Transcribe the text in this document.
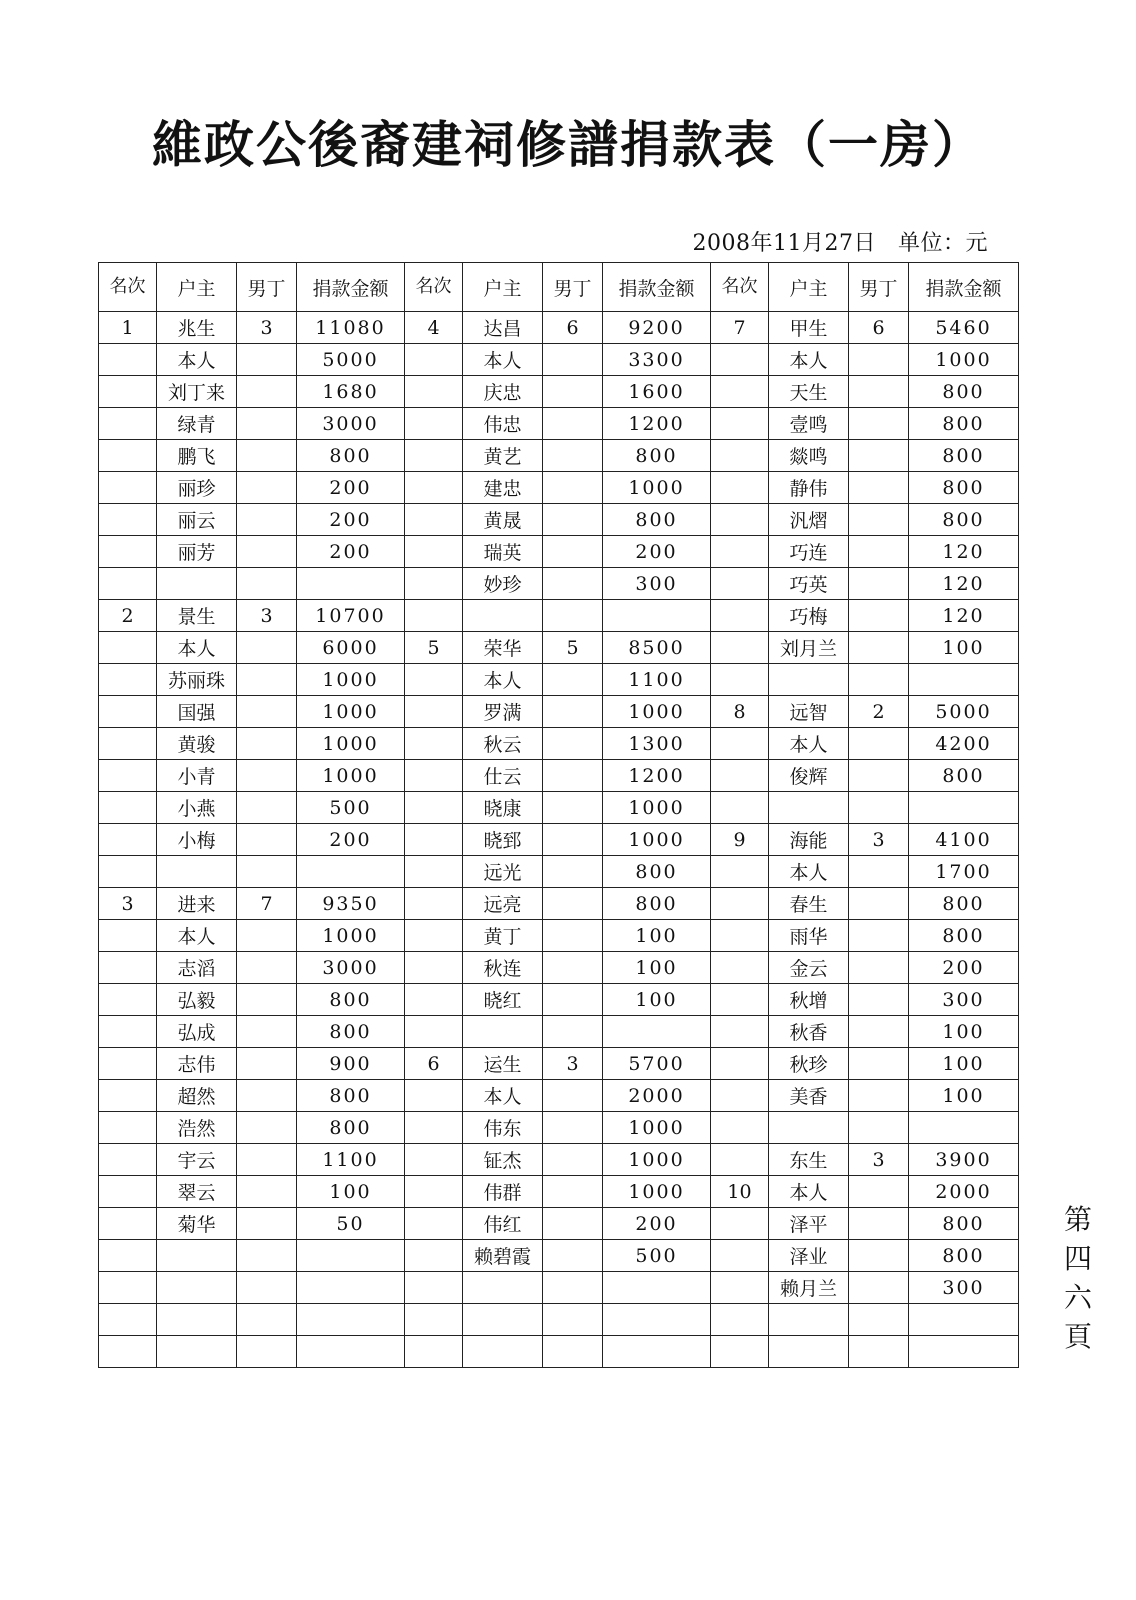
維政公後裔建祠修譜捐款表（一房）
2008年11月27日 单位：元
名次	户主	男丁	捐款金额	名次	户主	男丁	捐款金额	名次	户主	男丁	捐款金额
1	兆生	3	11080	4	达昌	6	9200	7	甲生	6	5460
	本人		5000		本人		3300		本人		1000
	刘丁来		1680		庆忠		1600		天生		800
	绿青		3000		伟忠		1200		壹鸣		800
	鹏飞		800		黄艺		800		燚鸣		800
	丽珍		200		建忠		1000		静伟		800
	丽云		200		黄晟		800		汎熠		800
	丽芳		200		瑞英		200		巧连		120
					妙珍		300		巧英		120
2	景生	3	10700						巧梅		120
	本人		6000	5	荣华	5	8500		刘月兰		100
	苏丽珠		1000		本人		1100				
	国强		1000		罗满		1000	8	远智	2	5000
	黄骏		1000		秋云		1300		本人		4200
	小青		1000		仕云		1200		俊辉		800
	小燕		500		晓康		1000				
	小梅		200		晓郅		1000	9	海能	3	4100
					远光		800		本人		1700
3	进来	7	9350		远亮		800		春生		800
	本人		1000		黄丁		100		雨华		800
	志滔		3000		秋连		100		金云		200
	弘毅		800		晓红		100		秋增		300
	弘成		800						秋香		100
	志伟		900	6	运生	3	5700		秋珍		100
	超然		800		本人		2000		美香		100
	浩然		800		伟东		1000				
	宇云		1100		钲杰		1000		东生	3	3900
	翠云		100		伟群		1000	10	本人		2000
	菊华		50		伟红		200		泽平		800
					赖碧霞		500		泽业		800
									赖月兰		300

第
四
六
頁
